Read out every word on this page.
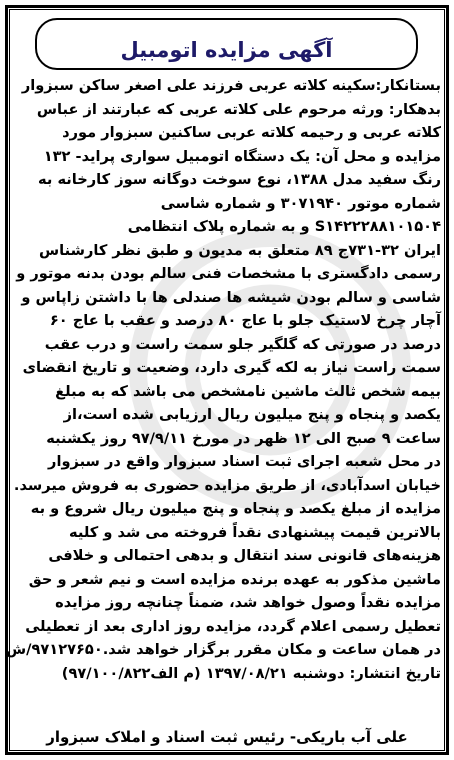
آگهی مزایده اتومبیل
بستانکار:سکینه کلاته عربی فرزند علی اصغر ساکن سبزوار
بدهکار: ورثه مرحوم علی کلاته عربی که عبارتند از عباس
کلاته عربی و رحیمه کلاته عربی ساکنین سبزوار مورد
مزایده و محل آن: یک دستگاه اتومبیل سواری پراید- ۱۳۲
رنگ سفید مدل ۱۳۸۸، نوع سوخت دوگانه سوز کارخانه به
شماره موتور ۳۰۷۱۹۴۰ و شماره شاسی
S۱۴۲۲۲۸۸۱۰۱۵۰۴ و به شماره پلاک انتظامی
ایران ۳۲-۷۳۱ج ۸۹ متعلق به مدیون و طبق نظر کارشناس
رسمی دادگستری با مشخصات فنی سالم بودن بدنه موتور و
شاسی و سالم بودن شیشه ها صندلی ها با داشتن زاپاس و
آچار چرخ لاستیک جلو با عاج ۸۰ درصد و عقب با عاج ۶۰
درصد در صورتی که گلگیر جلو سمت راست و درب عقب
سمت راست نیاز به لکه گیری دارد، وضعیت و تاریخ انقضای
بیمه شخص ثالث ماشین نامشخص می باشد که به مبلغ
یکصد و پنجاه و پنج میلیون ریال ارزیابی شده است،از
ساعت ۹ صبح الی ۱۲ ظهر در مورخ ۹۷/۹/۱۱ روز یکشنبه
در محل شعبه اجرای ثبت اسناد سبزوار واقع در سبزوار
خیابان اسدآبادی، از طریق مزایده حضوری به فروش میرسد.
مزایده از مبلغ یکصد و پنجاه و پنج میلیون ریال شروع و به
بالاترین قیمت پیشنهادی نقداً فروخته می شد و کلیه
هزینه‌های قانونی سند انتقال و بدهی احتمالی و خلافی
ماشین مذکور به عهده برنده مزایده است و نیم شعر و حق
مزایده نقداً وصول خواهد شد، ضمناً چنانچه روز مزایده
تعطیل رسمی اعلام گردد، مزایده روز اداری بعد از تعطیلی
در همان ساعت و مکان مقرر برگزار خواهد شد.۹۷۱۲۷۶۵۰/ش
تاریخ انتشار: دوشنبه ۱۳۹۷/۰۸/۲۱ (م الف۹۷/۱۰۰/۸۲۲)
علی آب باریکی- رئیس ثبت اسناد و املاک سبزوار
